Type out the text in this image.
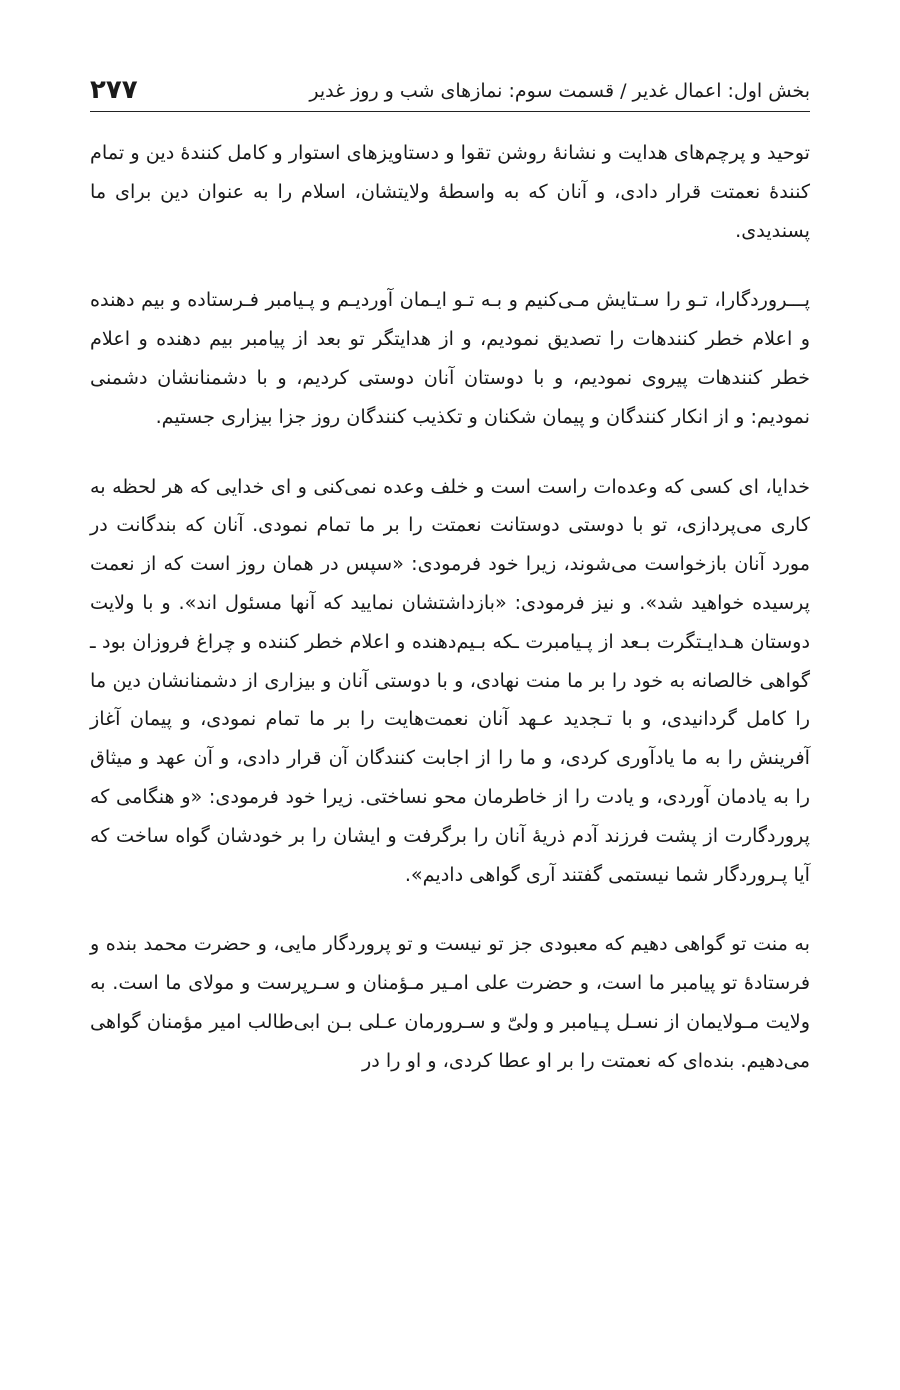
بخش اول: اعمال غدیر / قسمت سوم: نمازهای شب و روز غدیر
۲۷۷

توحید و پرچم‌های هدایت و نشانهٔ روشن تقوا و دستاویزهای استوار و کامل کنندهٔ دین و تمام کنندهٔ نعمتت قرار دادی، و آنان که به واسطهٔ ولایتشان، اسلام را به عنوان دین برای ما پسندیدی.

پـــروردگارا، تـو را سـتایش مـی‌کنیم و بـه تـو ایـمان آوردیـم و پـیامبر فـرستاده و بیم دهنده و اعلام خطر کنندهات را تصدیق نمودیم، و از هدایتگر تو بعد از پیامبر بیم دهنده و اعلام خطر کنندهات پیروی نمودیم، و با دوستان آنان دوستی کردیم، و با دشمنانشان دشمنی نمودیم: و از انکار کنندگان و پیمان شکنان و تکذیب کنندگان روز جزا بیزاری جستیم.

خدایا، ای کسی که وعده‌ات راست است و خلف وعده نمی‌کنی و ای خدایی که هر لحظه به کاری می‌پردازی، تو با دوستی دوستانت نعمتت را بر ما تمام نمودی. آنان که بندگانت در مورد آنان بازخواست می‌شوند، زیرا خود فرمودی: «سپس در همان روز است که از نعمت پرسیده خواهید شد». و نیز فرمودی: «بازداشتشان نمایید که آنها مسئول اند». و با ولایت دوستان هـدایـتگرت بـعد از پـیامبرت ـکه بـیم‌دهنده و اعلام خطر کننده و چراغ فروزان بود ـ گواهی خالصانه به خود را بر ما منت نهادی، و با دوستی آنان و بیزاری از دشمنانشان دین ما را کامل گردانیدی، و با تـجدید عـهد آنان نعمت‌هایت را بر ما تمام نمودی، و پیمان آغاز آفرینش را به ما یادآوری کردی، و ما را از اجابت کنندگان آن قرار دادی، و آن عهد و میثاق را به یادمان آوردی، و یادت را از خاطرمان محو نساختی. زیرا خود فرمودی: «و هنگامی که پروردگارت از پشت فرزند آدم ذریهٔ آنان را برگرفت و ایشان را بر خودشان گواه ساخت که آیا پـروردگار شما نیستمی گفتند آری گواهی دادیم».

به منت تو گواهی دهیم که معبودی جز تو نیست و تو پروردگار مایی، و حضرت محمد بنده و فرستادهٔ تو پیامبر ما است، و حضرت علی امـیر مـؤمنان و سـرپرست و مولای ما است. به ولایت مـولایمان از نسـل پـیامبر و ولیّ و سـرورمان عـلی بـن ابی‌طالب امیر مؤمنان گواهی می‌دهیم. بنده‌ای که نعمتت را بر او عطا کردی، و او را در
